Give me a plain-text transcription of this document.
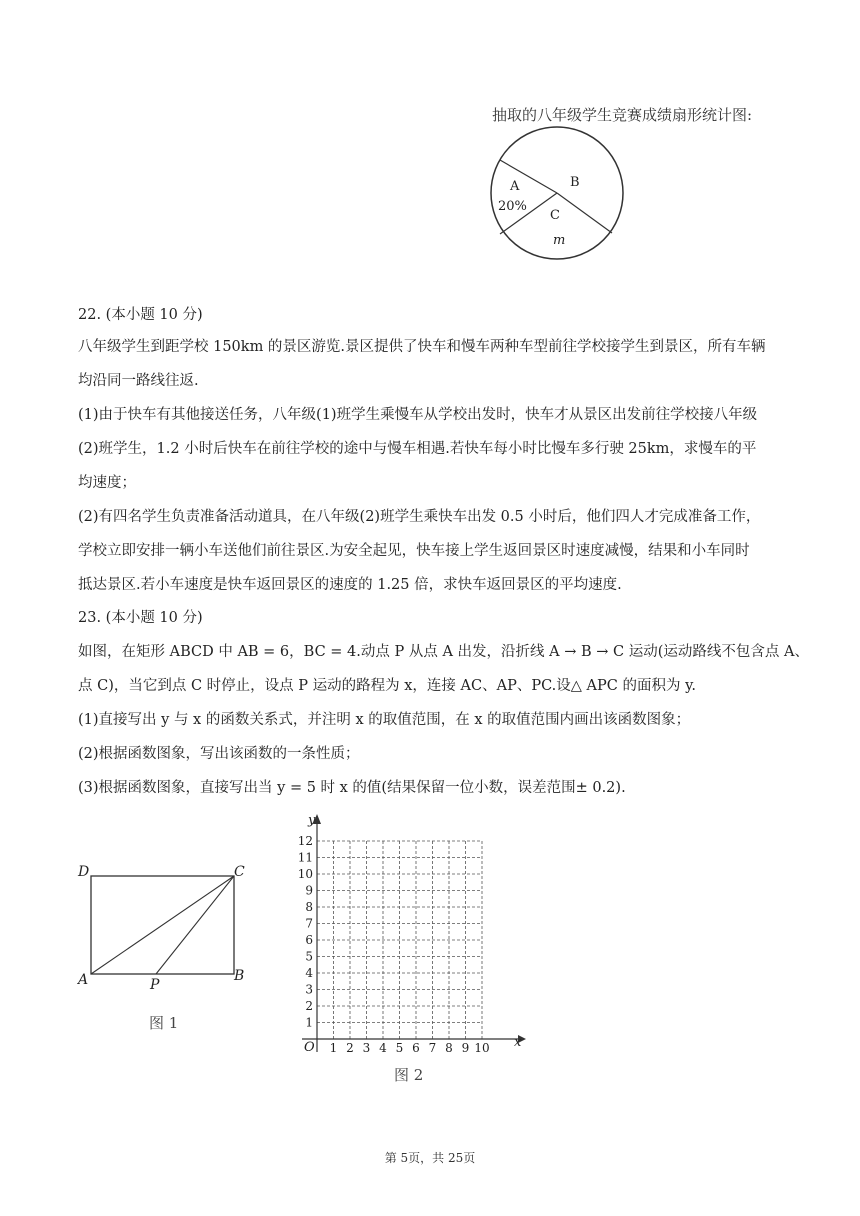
抽取的八年级学生竞赛成绩扇形统计图:
A
20%
B
C
m
22. (本小题 10 分)
八年级学生到距学校 150km 的景区游览.景区提供了快车和慢车两种车型前往学校接学生到景区，所有车辆
均沿同一路线往返.
(1)由于快车有其他接送任务，八年级(1)班学生乘慢车从学校出发时，快车才从景区出发前往学校接八年级
(2)班学生，1.2 小时后快车在前往学校的途中与慢车相遇.若快车每小时比慢车多行驶 25km，求慢车的平
均速度；
(2)有四名学生负责准备活动道具，在八年级(2)班学生乘快车出发 0.5 小时后，他们四人才完成准备工作，
学校立即安排一辆小车送他们前往景区.为安全起见，快车接上学生返回景区时速度减慢，结果和小车同时
抵达景区.若小车速度是快车返回景区的速度的 1.25 倍，求快车返回景区的平均速度.
23. (本小题 10 分)
如图，在矩形 ABCD 中 AB = 6，BC = 4.动点 P 从点 A 出发，沿折线 A → B → C 运动(运动路线不包含点 A、
点 C)，当它到点 C 时停止，设点 P 运动的路程为 x，连接 AC、AP、PC.设△ APC 的面积为 y.
(1)直接写出 y 与 x 的函数关系式，并注明 x 的取值范围，在 x 的取值范围内画出该函数图象；
(2)根据函数图象，写出该函数的一条性质；
(3)根据函数图象，直接写出当 y = 5 时 x 的值(结果保留一位小数，误差范围± 0.2).
D	C
A	B
P
图 1
x
y
O 1 2 3 4 5 6 7 8 9 10
1
2
3
4
5
6
7
8
9
10
11
12
图 2
第 5页，共 25页
